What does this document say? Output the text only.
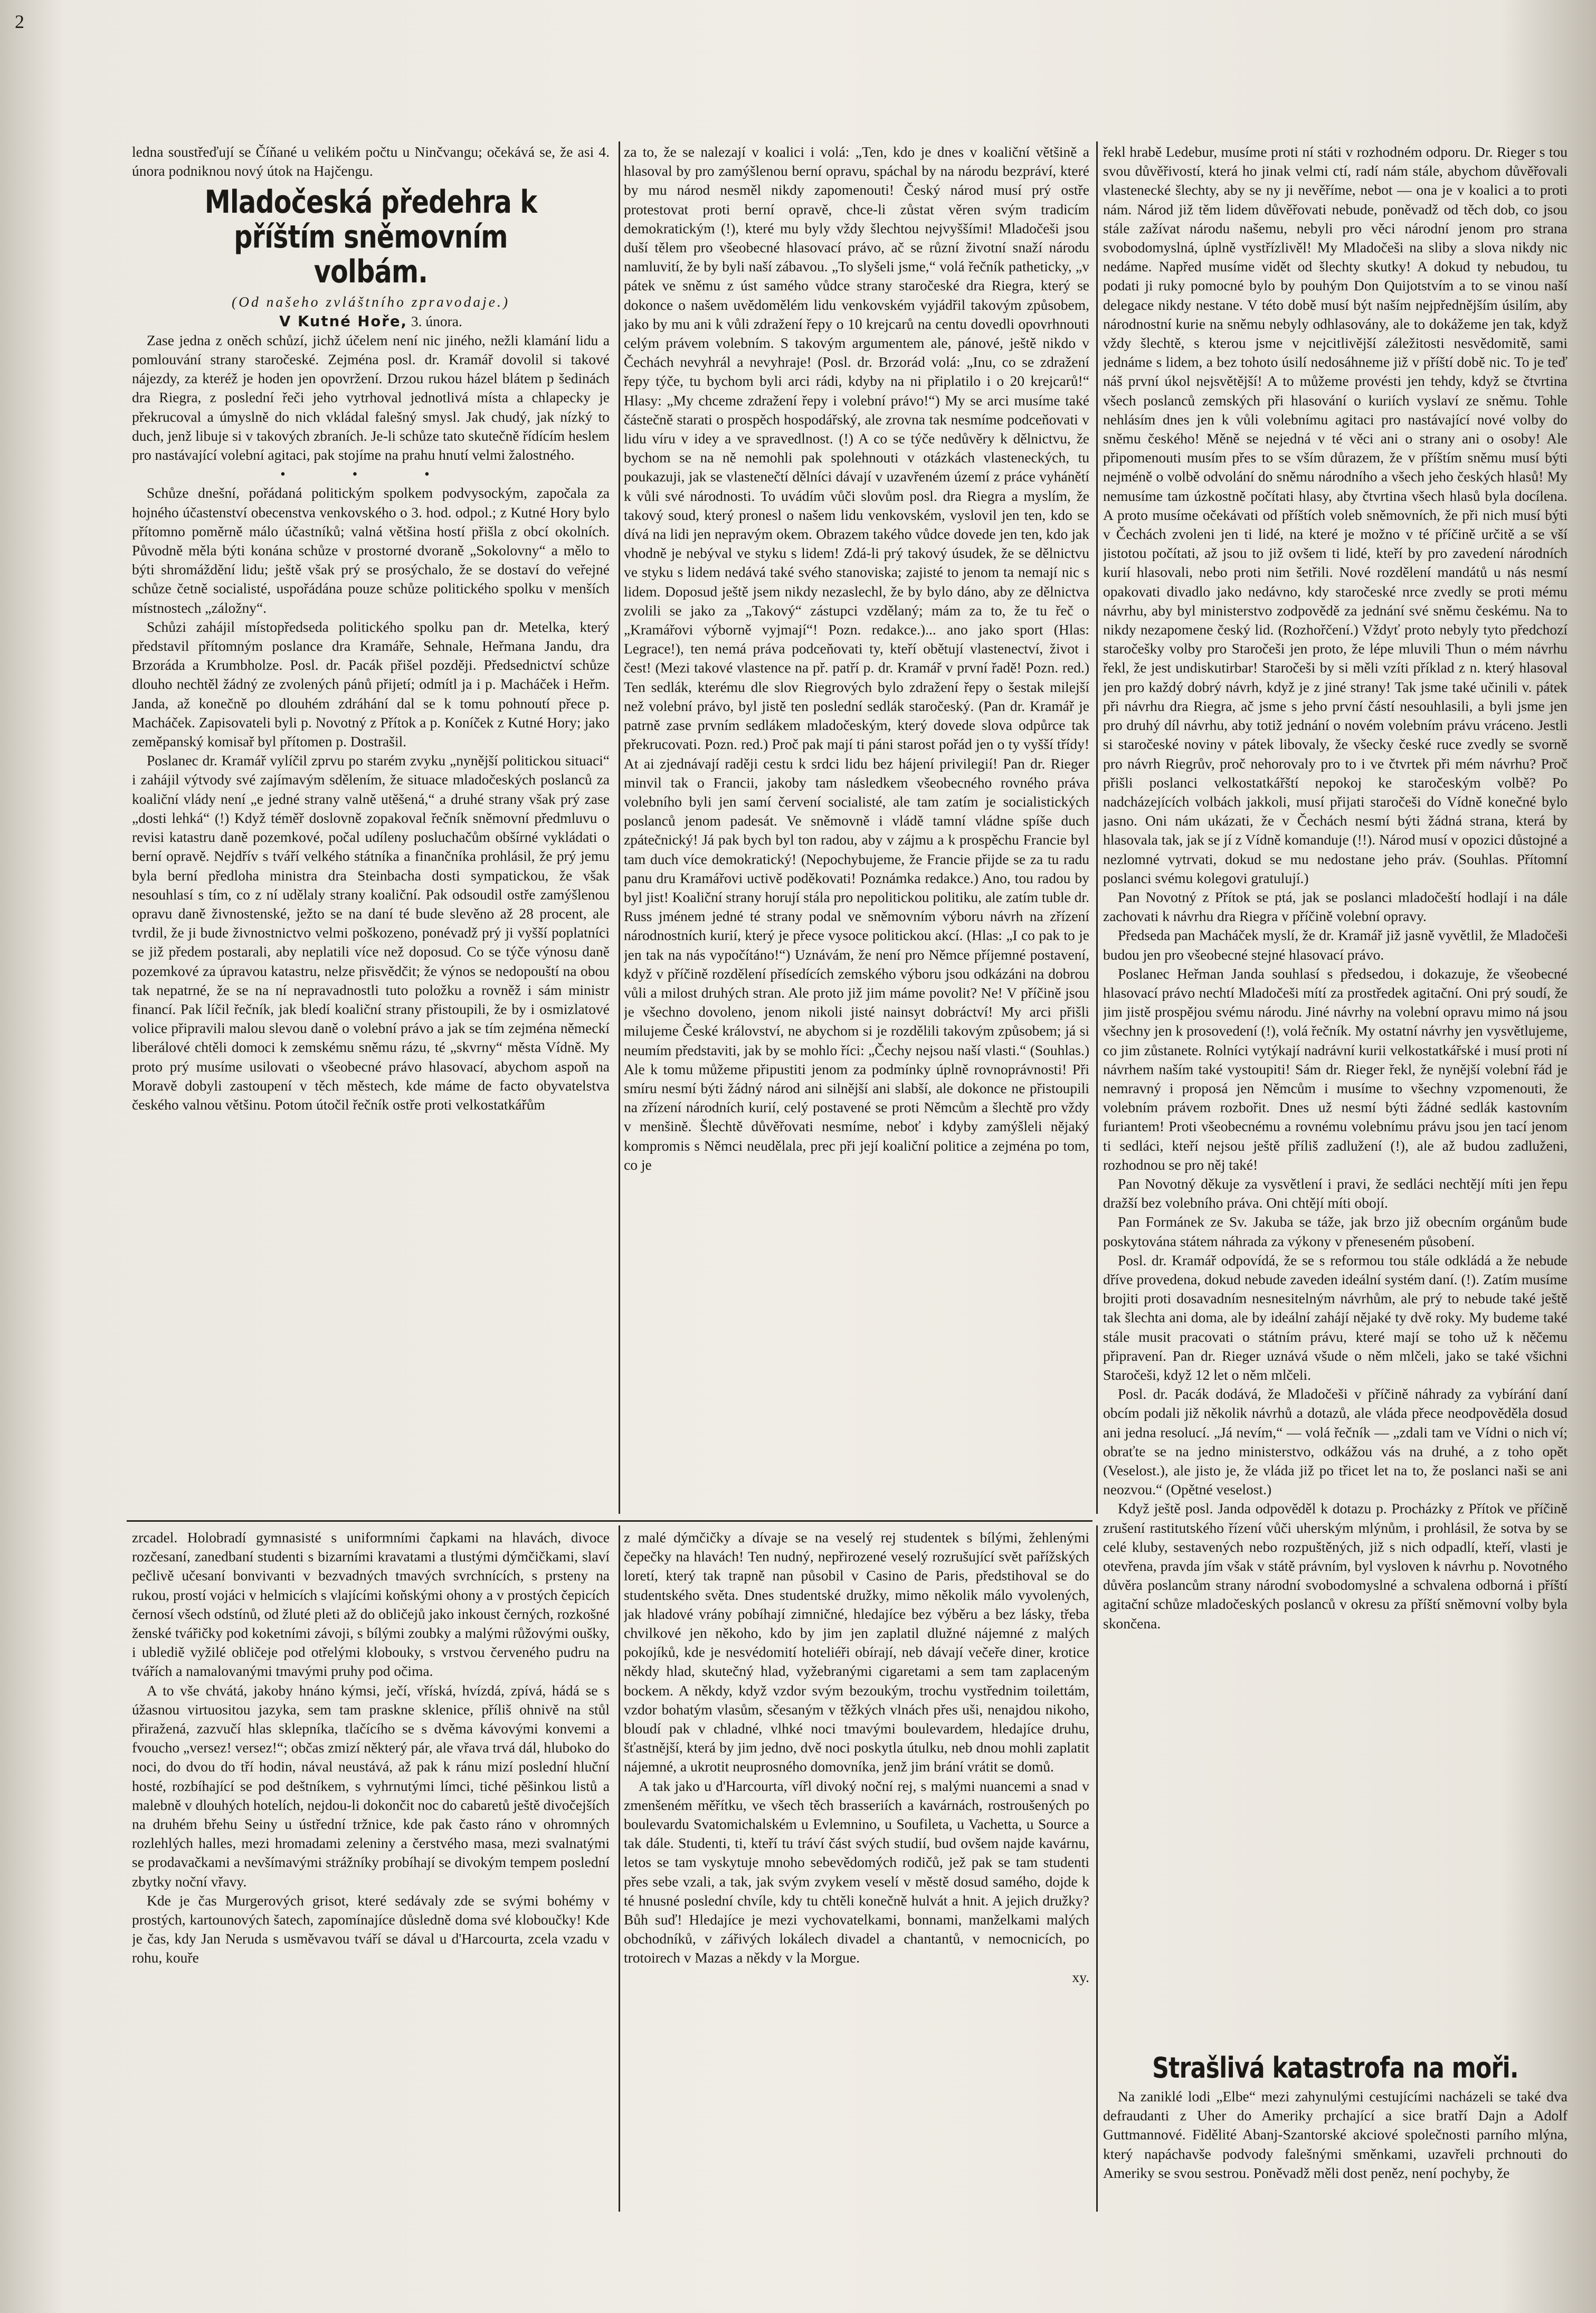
2

ledna soustřeďují se Číňané u velikém počtu u Ninčvangu; očekává se, že asi 4. února podniknou nový útok na Hajčengu.

Mladočeská předehra k příštím sněmovním volbám.

(Od našeho zvláštního zpravodaje.)

V Kutné Hoře, 3. února.

Zase jedna z oněch schůzí, jichž účelem není nic jiného, nežli klamání lidu a pomlouvání strany staročeské. Zejména posl. dr. Kramář dovolil si takové nájezdy, za kteréž je hoden jen opovržení. Drzou rukou házel blátem p šedinách dra Riegra, z poslední řeči jeho vytrhoval jednotlivá místa a chlapecky je překrucoval a úmyslně do nich vkládal falešný smysl. Jak chudý, jak nízký to duch, jenž libuje si v takových zbraních. Je-li schůze tato skutečně řídícím heslem pro nastávající volební agitaci, pak stojíme na prahu hnutí velmi žalostného.

• • •

Schůze dnešní, pořádaná politickým spolkem podvysockým, započala za hojného účastenství obecenstva venkovského o 3. hod. odpol.; z Kutné Hory bylo přítomno poměrně málo účastníků; valná většina hostí přišla z obcí okolních. Původně měla býti konána schůze v prostorné dvoraně „Sokolovny“ a mělo to býti shromáždění lidu; ještě však prý se prosýchalo, že se dostaví do veřejné schůze četně socialisté, uspořádána pouze schůze politického spolku v menších místnostech „záložny“.

Schůzi zahájil místopředseda politického spolku pan dr. Metelka, který představil přítomným poslance dra Kramáře, Sehnale, Heřmana Jandu, dra Brzoráda a Krumbholze. Posl. dr. Pacák přišel později. Předsednictví schůze dlouho nechtěl žádný ze zvolených pánů přijetí; odmítl ja i p. Macháček i Heřm. Janda, až konečně po dlouhém zdráhání dal se k tomu pohnoutí přece p. Macháček. Zapisovateli byli p. Novotný z Přítok a p. Koníček z Kutné Hory; jako zeměpanský komisař byl přítomen p. Dostrašil.

Poslanec dr. Kramář vylíčil zprvu po starém zvyku „nynější politickou situaci“ i zahájil výtvody své zajímavým sdělením, že situace mladočeských poslanců za koaliční vlády není „e jedné strany valně utěšená,“ a druhé strany však prý zase „dosti lehká“ (!) Když téměř doslovně zopakoval řečník sněmovní předmluvu o revisi katastru daně pozemkové, počal udíleny posluchačům obšírné vykládati o berní opravě. Nejdřív s tváří velkého státníka a finančníka prohlásil, že prý jemu byla berní předloha ministra dra Steinbacha dosti sympatickou, že však nesouhlasí s tím, co z ní udělaly strany koaliční. Pak odsoudil ostře zamýšlenou opravu daně živnostenské, ježto se na daní té bude slevěno až 28 procent, ale tvrdil, že ji bude živnostnictvo velmi poškozeno, ponévadž prý ji vyšší poplatníci se již předem postarali, aby neplatili více než doposud. Co se týče výnosu daně pozemkové za úpravou katastru, nelze přisvědčit; že výnos se nedopouští na obou tak nepatrné, že se na ní nepravadnostli tuto položku a rovněž i sám ministr financí. Pak líčil řečník, jak bledí koaliční strany přistoupili, že by i osmizlatové volice připravili malou slevou daně o volební právo a jak se tím zejména německí liberálové chtěli domoci k zemskému sněmu rázu, té „skvrny“ města Vídně. My proto prý musíme usilovati o všeobecné právo hlasovací, abychom aspoň na Moravě dobyli zastoupení v těch městech, kde máme de facto obyvatelstva českého valnou většinu. Potom útočil řečník ostře proti velkostatkářům

za to, že se nalezají v koalici i volá: „Ten, kdo je dnes v koaliční většině a hlasoval by pro zamýšlenou berní opravu, spáchal by na národu bezpráví, které by mu národ nesměl nikdy zapomenouti! Český národ musí prý ostře protestovat proti berní opravě, chce-li zůstat věren svým tradicím demokratickým (!), které mu byly vždy šlechtou nejvyššími! Mladočeši jsou duší tělem pro všeobecné hlasovací právo, ač se různí životní snaží národu namluvití, že by byli naší zábavou. „To slyšeli jsme,“ volá řečník patheticky, „v pátek ve sněmu z úst samého vůdce strany staročeské dra Riegra, který se dokonce o našem uvědomělém lidu venkovském vyjádřil takovým způsobem, jako by mu ani k vůli zdražení řepy o 10 krejcarů na centu dovedli opovrhnouti celým právem volebním. S takovým argumentem ale, pánové, ještě nikdo v Čechách nevyhrál a nevyhraje! (Posl. dr. Brzorád volá: „Inu, co se zdražení řepy týče, tu bychom byli arci rádi, kdyby na ni připlatilo i o 20 krejcarů!“ Hlasy: „My chceme zdražení řepy i volební právo!“) My se arci musíme také částečně starati o prospěch hospodářský, ale zrovna tak nesmíme podceňovati v lidu víru v idey a ve spravedlnost. (!) A co se týče nedůvěry k dělnictvu, že bychom se na ně nemohli pak spolehnouti v otázkách vlasteneckých, tu poukazuji, jak se vlastenečtí dělníci dávají v uzavřeném území z práce vyhánětí k vůli své národnosti. To uvádím vůči slovům posl. dra Riegra a myslím, že takový soud, který pronesl o našem lidu venkovském, vyslovil jen ten, kdo se dívá na lidi jen nepravým okem. Obrazem takého vůdce dovede jen ten, kdo jak vhodně je nebýval ve styku s lidem! Zdá-li prý takový úsudek, že se dělnictvu ve styku s lidem nedává také svého stanoviska; zajisté to jenom ta nemají nic s lidem. Doposud ještě jsem nikdy nezaslechl, že by bylo dáno, aby ze dělnictva zvolili se jako za „Takový“ zástupci vzdělaný; mám za to, že tu řeč o „Kramářovi výborně vyjmají“! Pozn. redakce.)... ano jako sport (Hlas: Legrace!), ten nemá práva podceňovati ty, kteří obětují vlastenectví, život i čest! (Mezi takové vlastence na př. patří p. dr. Kramář v první řadě! Pozn. red.) Ten sedlák, kterému dle slov Riegrových bylo zdražení řepy o šestak milejší než volební právo, byl jistě ten poslední sedlák staročeský. (Pan dr. Kramář je patrně zase prvním sedlákem mladočeským, který dovede slova odpůrce tak překrucovati. Pozn. red.) Proč pak mají ti páni starost pořád jen o ty vyšší třídy! At ai zjednávají raději cestu k srdci lidu bez hájení privilegií! Pan dr. Rieger minvil tak o Francii, jakoby tam následkem všeobecného rovného práva volebního byli jen samí červení socialisté, ale tam zatím je socialistických poslanců jenom padesát. Ve sněmovně i vládě tamní vládne spíše duch zpátečnický! Já pak bych byl ton radou, aby v zájmu a k prospěchu Francie byl tam duch více demokratický! (Nepochybujeme, že Francie přijde se za tu radu panu dru Kramářovi uctivě poděkovati! Poznámka redakce.) Ano, tou radou by byl jist! Koaliční strany horují stála pro nepolitickou politiku, ale zatím tuble dr. Russ jménem jedné té strany podal ve sněmovním výboru návrh na zřízení národnostních kurií, který je přece vysoce politickou akcí. (Hlas: „I co pak to je jen tak na nás vypočítáno!“) Uznávám, že není pro Němce příjemné postavení, když v příčině rozdělení přísedících zemského výboru jsou odkázáni na dobrou vůli a milost druhých stran. Ale proto již jim máme povolit? Ne! V příčině jsou je všechno dovoleno, jenom nikoli jisté nainsyt dobráctví! My arci přišli milujeme České království, ne abychom si je rozdělili takovým způsobem; já si neumím představiti, jak by se mohlo říci: „Čechy nejsou naší vlasti.“ (Souhlas.) Ale k tomu můžeme připustiti jenom za podmínky úplně rovnoprávnosti! Při smíru nesmí býti žádný národ ani silnější ani slabší, ale dokonce ne přistoupili na zřízení národních kurií, celý postavené se proti Němcům a šlechtě pro vždy v menšině. Šlechtě důvěřovati nesmíme, neboť i kdyby zamýšleli nějaký kompromis s Němci neudělala, prec při její koaliční politice a zejména po tom, co je

řekl hrabě Ledebur, musíme proti ní státi v rozhodném odporu. Dr. Rieger s tou svou důvěřivostí, která ho jinak velmi ctí, radí nám stále, abychom důvěřovali vlastenecké šlechty, aby se ny ji nevěříme, nebot — ona je v koalici a to proti nám. Národ již těm lidem důvěřovati nebude, poněvadž od těch dob, co jsou stále zažívat národu našemu, nebyli pro věci národní jenom pro strana svobodomyslná, úplně vystřízlivěl! My Mladočeši na sliby a slova nikdy nic nedáme. Napřed musíme vidět od šlechty skutky! A dokud ty nebudou, tu podati ji ruky pomocné bylo by pouhým Don Quijotstvím a to se vinou naší delegace nikdy nestane. V této době musí být naším nejpřednějším úsilím, aby národnostní kurie na sněmu nebyly odhlasovány, ale to dokážeme jen tak, když vždy šlechtě, s kterou jsme v nejcitlivější záležitosti nesvědomitě, sami jednáme s lidem, a bez tohoto úsilí nedosáhneme již v příští době nic. To je teď náš první úkol nejsvětější! A to můžeme provésti jen tehdy, když se čtvrtina všech poslanců zemských při hlasování o kuriích vyslaví ze sněmu. Tohle nehlásím dnes jen k vůli volebnímu agitaci pro nastávající nové volby do sněmu českého! Měně se nejedná v té věci ani o strany ani o osoby! Ale připomenouti musím přes to se vším důrazem, že v příštím sněmu musí býti nejméně o volbě odvolání do sněmu národního a všech jeho českých hlasů! My nemusíme tam úzkostně počítati hlasy, aby čtvrtina všech hlasů byla docílena. A proto musíme očekávati od příštích voleb sněmovních, že při nich musí býti v Čechách zvoleni jen ti lidé, na které je možno v té příčině určitě a se vší jistotou počítati, až jsou to již ovšem ti lidé, kteří by pro zavedení národních kurií hlasovali, nebo proti nim šetřili. Nové rozdělení mandátů u nás nesmí opakovati divadlo jako nedávno, kdy staročeské nrce zvedly se proti mému návrhu, aby byl ministerstvo zodpovědě za jednání své sněmu českému. Na to nikdy nezapomene český lid. (Rozhořčení.) Vždyť proto nebyly tyto předchozí staročešky volby pro Staročeši jen proto, že lépe mluvili Thun o mém návrhu řekl, že jest undiskutirbar! Staročeši by si měli vzíti příklad z n. který hlasoval jen pro každý dobrý návrh, když je z jiné strany! Tak jsme také učinili v. pátek při návrhu dra Riegra, ač jsme s jeho první částí nesouhlasili, a byli jsme jen pro druhý díl návrhu, aby totiž jednání o novém volebním právu vráceno. Jestli si staročeské noviny v pátek libovaly, že všecky české ruce zvedly se svorně pro návrh Riegrův, proč nehorovaly pro to i ve čtvrtek při mém návrhu? Proč přišli poslanci velkostatkářští nepokoj ke staročeským volbě? Po nadcházejících volbách jakkoli, musí přijati staročeši do Vídně konečné bylo jasno. Oni nám ukázati, že v Čechách nesmí býti žádná strana, která by hlasovala tak, jak se jí z Vídně komanduje (!!). Národ musí v opozici důstojné a nezlomné vytrvati, dokud se mu nedostane jeho práv. (Souhlas. Přítomní poslanci svému kolegovi gratulují.)

Pan Novotný z Přítok se ptá, jak se poslanci mladočeští hodlají i na dále zachovati k návrhu dra Riegra v příčině volební opravy.

Předseda pan Macháček myslí, že dr. Kramář již jasně vyvětlil, že Mladočeši budou jen pro všeobecné stejné hlasovací právo.

Poslanec Heřman Janda souhlasí s předsedou, i dokazuje, že všeobecné hlasovací právo nechtí Mladočeši mítí za prostředek agitační. Oni prý soudí, že jim jistě prospějou svému národu. Jiné návrhy na volební opravu mimo ná jsou všechny jen k prosovedení (!), volá řečník. My ostatní návrhy jen vysvětlujeme, co jim zůstanete. Rolníci vytýkají nadrávní kurii velkostatkářské i musí proti ní návrhem naším také vystoupiti! Sám dr. Rieger řekl, že nynější volební řád je nemravný i proposá jen Němcům i musíme to všechny vzpomenouti, že volebním právem rozbořit. Dnes už nesmí býti žádné sedlák kastovním furiantem! Proti všeobecnému a rovnému volebnímu právu jsou jen tací jenom ti sedláci, kteří nejsou ještě příliš zadlužení (!), ale až budou zadluženi, rozhodnou se pro něj také!

Pan Novotný děkuje za vysvětlení i pravi, že sedláci nechtějí míti jen řepu dražší bez volebního práva. Oni chtějí míti obojí.

Pan Formánek ze Sv. Jakuba se táže, jak brzo již obecním orgánům bude poskytována státem náhrada za výkony v přeneseném působení.

Posl. dr. Kramář odpovídá, že se s reformou tou stále odkládá a že nebude dříve provedena, dokud nebude zaveden ideální systém daní. (!). Zatím musíme brojiti proti dosavadním nesnesitelným návrhům, ale prý to nebude také ještě tak šlechta ani doma, ale by ideální zahájí nějaké ty dvě roky. My budeme také stále musit pracovati o státním právu, které mají se toho už k něčemu připravení. Pan dr. Rieger uznává všude o něm mlčeli, jako se také všichni Staročeši, když 12 let o něm mlčeli.

Posl. dr. Pacák dodává, že Mladočeši v příčině náhrady za vybírání daní obcím podali již několik návrhů a dotazů, ale vláda přece neodpověděla dosud ani jedna resolucí. „Já nevím,“ — volá řečník — „zdali tam ve Vídni o nich ví; obraťte se na jedno ministerstvo, odkážou vás na druhé, a z toho opět (Veselost.), ale jisto je, že vláda již po třicet let na to, že poslanci naši se ani neozvou.“ (Opětné veselost.)

Když ještě posl. Janda odpověděl k dotazu p. Procházky z Přítok ve příčině zrušení rastitutského řízení vůči uherským mlýnům, i prohlásil, že sotva by se celé kluby, sestavených nebo rozpuštěných, již s nich odpadlí, kteří, vlasti je otevřena, pravda jím však v státě právním, byl vysloven k návrhu p. Novotného důvěra poslancům strany národní svobodomyslné a schvalena odborná i příští agitační schůze mladočeských poslanců v okresu za příští sněmovní volby byla skončena.

Strašlivá katastrofa na moři.

Na zaniklé lodi „Elbe“ mezi zahynulými cestujícími nacházeli se také dva defraudanti z Uher do Ameriky prchající a sice bratří Dajn a Adolf Guttmannové. Fidělité Abanj-Szantorské akciové společnosti parního mlýna, který napáchavše podvody falešnými směnkami, uzavřeli prchnouti do Ameriky se svou sestrou. Poněvadž měli dost peněz, není pochyby, že

zrcadel. Holobradí gymnasisté s uniformními čapkami na hlavách, divoce rozčesaní, zanedbaní studenti s bizarními kravatami a tlustými dýmčičkami, slaví pečlivě učesaní bonvivanti v bezvadných tmavých svrchnících, s prsteny na rukou, prostí vojáci v helmicích s vlajícími koňskými ohony a v prostých čepicích černosí všech odstínů, od žluté pleti až do obličejů jako inkoust černých, rozkošné ženské tvářičky pod koketními závoji, s bílými zoubky a malými růžovými oušky, i ublediě vyžilé obličeje pod otřelými klobouky, s vrstvou červeného pudru na tvářích a namalovanými tmavými pruhy pod očima.

A to vše chvátá, jakoby hnáno kýmsi, ječí, vříská, hvízdá, zpívá, hádá se s úžasnou virtuositou jazyka, sem tam praskne sklenice, příliš ohnivě na stůl přiražená, zazvučí hlas sklepníka, tlačícího se s dvěma kávovými konvemi a fvoucho „versez! versez!“; občas zmizí některý pár, ale vřava trvá dál, hluboko do noci, do dvou do tří hodin, nával neustává, až pak k ránu mizí poslední hluční hosté, rozbíhající se pod deštníkem, s vyhrnutými límci, tiché pěšinkou listů a malebně v dlouhých hotelích, nejdou-li dokončit noc do cabaretů ještě divočejších na druhém břehu Seiny u ústřední tržnice, kde pak často ráno v ohromných rozlehlých halles, mezi hromadami zeleniny a čerstvého masa, mezi svalnatými se prodavačkami a nevšímavými strážníky probíhají se divokým tempem poslední zbytky noční vřavy.

Kde je čas Murgerových grisot, které sedávaly zde se svými bohémy v prostých, kartounových šatech, zapomínajíce důsledně doma své kloboučky! Kde je čas, kdy Jan Neruda s usměvavou tváří se dával u d'Harcourta, zcela vzadu v rohu, kouře

z malé dýmčičky a dívaje se na veselý rej studentek s bílými, žehlenými čepečky na hlavách! Ten nudný, nepřirozené veselý rozrušující svět pařížských loretí, který tak trapně nan působil v Casino de Paris, předstihoval se do studentského světa. Dnes studentské družky, mimo několik málo vyvolených, jak hladové vrány pobíhají zimničné, hledajíce bez výběru a bez lásky, třeba chvilkové jen někoho, kdo by jim jen zaplatil dlužné nájemné z malých pokojíků, kde je nesvédomití hoteliéři obírají, neb dávají večeře diner, krotice někdy hlad, skutečný hlad, vyžebranými cigaretami a sem tam zaplaceným bockem. A někdy, když vzdor svým bezoukým, trochu vystřednim toilettám, vzdor bohatým vlasům, sčesaným v těžkých vlnách přes uši, nenajdou nikoho, bloudí pak v chladné, vlhké noci tmavými boulevardem, hledajíce druhu, šťastnější, která by jim jedno, dvě noci poskytla útulku, neb dnou mohli zaplatit nájemné, a ukrotit neuprosného domovníka, jenž jim brání vrátit se domů.

A tak jako u d'Harcourta, vířl divoký noční rej, s malými nuancemi a snad v zmenšeném měřítku, ve všech těch brasseriích a kavárnách, rostroušených po boulevardu Svatomichalském u Evlemnino, u Soufileta, u Vachetta, u Source a tak dále. Studenti, ti, kteří tu tráví část svých studií, bud ovšem najde kavárnu, letos se tam vyskytuje mnoho sebevědomých rodičů, jež pak se tam studenti přes sebe vzali, a tak, jak svým zvykem veselí v městě dosud samého, dojde k té hnusné poslední chvíle, kdy tu chtěli konečně hulvát a hnit. A jejich družky? Bůh suď! Hledajíce je mezi vychovatelkami, bonnami, manželkami malých obchodníků, v zářivých lokálech divadel a chantantů, v nemocnicích, po trotoirech v Mazas a někdy v la Morgue.

xy.
